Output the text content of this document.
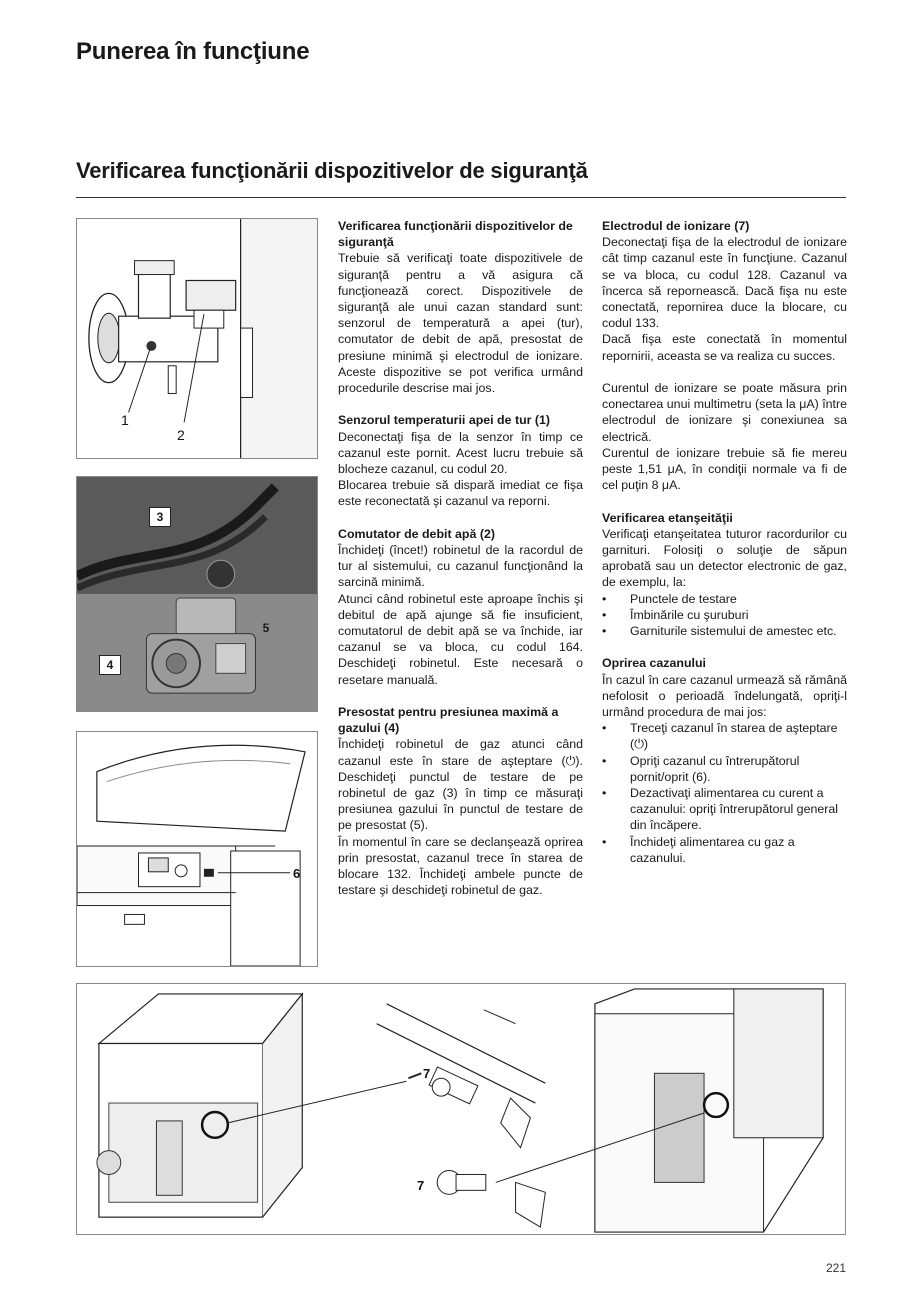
Punerea în funcţiune
Verificarea funcţionării dispozitivelor de siguranţă
1
2
3
5
4
6
7
7
Verificarea funcţionării dispozitivelor de siguranţă

Trebuie să verificaţi toate dispozitivele de siguranţă pentru a vă asigura că funcţionează corect. Dispozitivele de siguranţă ale unui cazan standard sunt: senzorul de temperatură a apei (tur), comutator de debit de apă, presostat de presiune minimă şi electrodul de ionizare. Aceste dispozitive se pot verifica urmând procedurile descrise mai jos.

Senzorul temperaturii apei de tur (1)

Deconectaţi fişa de la senzor în timp ce cazanul este pornit. Acest lucru trebuie să blocheze cazanul, cu codul 20.

Blocarea trebuie să dispară imediat ce fişa este reconectată şi cazanul va reporni.

Comutator de debit apă (2)

Închideţi (încet!) robinetul de la racordul de tur al sistemului, cu cazanul funcţionând la sarcină minimă.

Atunci când robinetul este aproape închis şi debitul de apă ajunge să fie insuficient, comutatorul de debit apă se va închide, iar cazanul se va bloca, cu codul 164. Deschideţi robinetul. Este necesară o resetare manuală.

Presostat pentru presiunea maximă a gazului (4)

Închideţi robinetul de gaz atunci când cazanul este în stare de aşteptare (⏻). Deschideţi punctul de testare de pe robinetul de gaz (3) în timp ce măsuraţi presiunea gazului în punctul de testare de pe presostat (5).

În momentul în care se declanşează oprirea prin presostat, cazanul trece în starea de blocare 132. Închideţi ambele puncte de testare şi deschideţi robinetul de gaz.

Electrodul de ionizare (7)

Deconectaţi fişa de la electrodul de ionizare cât timp cazanul este în funcţiune. Cazanul se va bloca, cu codul 128. Cazanul va încerca să repornească. Dacă fişa nu este conectată, repornirea duce la blocare, cu codul 133.

Dacă fişa este conectată în momentul repornirii, aceasta se va realiza cu succes.

Curentul de ionizare se poate măsura prin conectarea unui multimetru (seta la μA) între electrodul de ionizare şi conexiunea sa electrică.

Curentul de ionizare trebuie să fie mereu peste 1,51 μA, în condiţii normale va fi de cel puţin 8 μA.

Verificarea etanşeităţii

Verificaţi etanşeitatea tuturor racordurilor cu garnituri. Folosiţi o soluţie de săpun aprobată sau un detector electronic de gaz, de exemplu, la:

• Punctele de testare
• Îmbinările cu şuruburi
• Garniturile sistemului de amestec etc.
Oprirea cazanului

În cazul în care cazanul urmează să rămână nefolosit o perioadă îndelungată, opriţi-l urmând procedura de mai jos:

• Treceţi cazanul în starea de aşteptare (⏻)
• Opriţi cazanul cu întrerupătorul pornit/oprit (6).
• Dezactivaţi alimentarea cu curent a cazanului: opriţi întrerupătorul general din încăpere.
• Închideţi alimentarea cu gaz a cazanului.
221
